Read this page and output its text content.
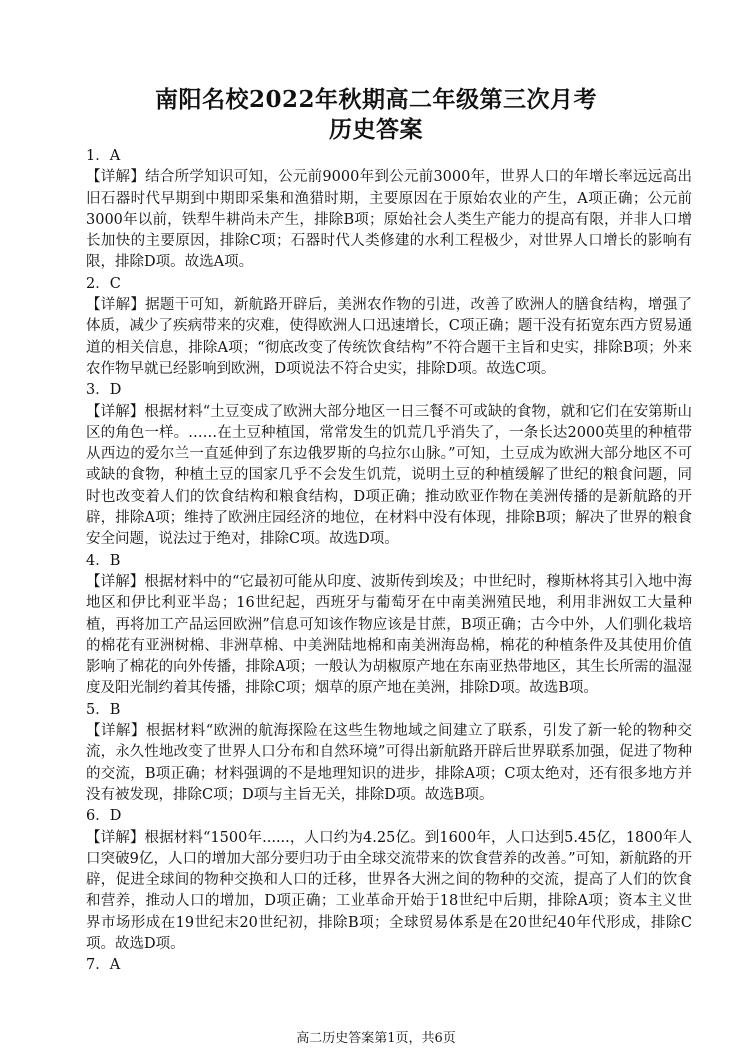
南阳名校2022年秋期高二年级第三次月考
历史答案

1．A

【详解】结合所学知识可知，公元前9000年到公元前3000年，世界人口的年增长率远远高出旧石器时代早期到中期即采集和渔猎时期，主要原因在于原始农业的产生，A项正确；公元前3000年以前，铁犁牛耕尚未产生，排除B项；原始社会人类生产能力的提高有限，并非人口增长加快的主要原因，排除C项；石器时代人类修建的水利工程极少，对世界人口增长的影响有限，排除D项。故选A项。

2．C

【详解】据题干可知，新航路开辟后，美洲农作物的引进，改善了欧洲人的膳食结构，增强了体质，减少了疾病带来的灾难，使得欧洲人口迅速增长，C项正确；题干没有拓宽东西方贸易通道的相关信息，排除A项；“彻底改变了传统饮食结构”不符合题干主旨和史实，排除B项；外来农作物早就已经影响到欧洲，D项说法不符合史实，排除D项。故选C项。

3．D

【详解】根据材料“土豆变成了欧洲大部分地区一日三餐不可或缺的食物，就和它们在安第斯山区的角色一样。……在土豆种植国，常常发生的饥荒几乎消失了，一条长达2000英里的种植带从西边的爱尔兰一直延伸到了东边俄罗斯的乌拉尔山脉。”可知，土豆成为欧洲大部分地区不可或缺的食物，种植土豆的国家几乎不会发生饥荒，说明土豆的种植缓解了世纪的粮食问题，同时也改变着人们的饮食结构和粮食结构，D项正确；推动欧亚作物在美洲传播的是新航路的开辟，排除A项；维持了欧洲庄园经济的地位，在材料中没有体现，排除B项；解决了世界的粮食安全问题，说法过于绝对，排除C项。故选D项。

4．B

【详解】根据材料中的“它最初可能从印度、波斯传到埃及；中世纪时，穆斯林将其引入地中海地区和伊比利亚半岛；16世纪起，西班牙与葡萄牙在中南美洲殖民地，利用非洲奴工大量种植，再将加工产品运回欧洲”信息可知该作物应该是甘蔗，B项正确；古今中外，人们驯化栽培的棉花有亚洲树棉、非洲草棉、中美洲陆地棉和南美洲海岛棉，棉花的种植条件及其使用价值影响了棉花的向外传播，排除A项；一般认为胡椒原产地在东南亚热带地区，其生长所需的温湿度及阳光制约着其传播，排除C项；烟草的原产地在美洲，排除D项。故选B项。

5．B

【详解】根据材料“欧洲的航海探险在这些生物地域之间建立了联系，引发了新一轮的物种交流，永久性地改变了世界人口分布和自然环境”可得出新航路开辟后世界联系加强，促进了物种的交流，B项正确；材料强调的不是地理知识的进步，排除A项；C项太绝对，还有很多地方并没有被发现，排除C项；D项与主旨无关，排除D项。故选B项。

6．D

【详解】根据材料“1500年......，人口约为4.25亿。到1600年，人口达到5.45亿，1800年人口突破9亿，人口的增加大部分要归功于由全球交流带来的饮食营养的改善。”可知，新航路的开辟，促进全球间的物种交换和人口的迁移，世界各大洲之间的物种的交流，提高了人们的饮食和营养，推动人口的增加，D项正确；工业革命开始于18世纪中后期，排除A项；资本主义世界市场形成在19世纪末20世纪初，排除B项；全球贸易体系是在20世纪40年代形成，排除C项。故选D项。

7．A

高二历史答案第1页，共6页
